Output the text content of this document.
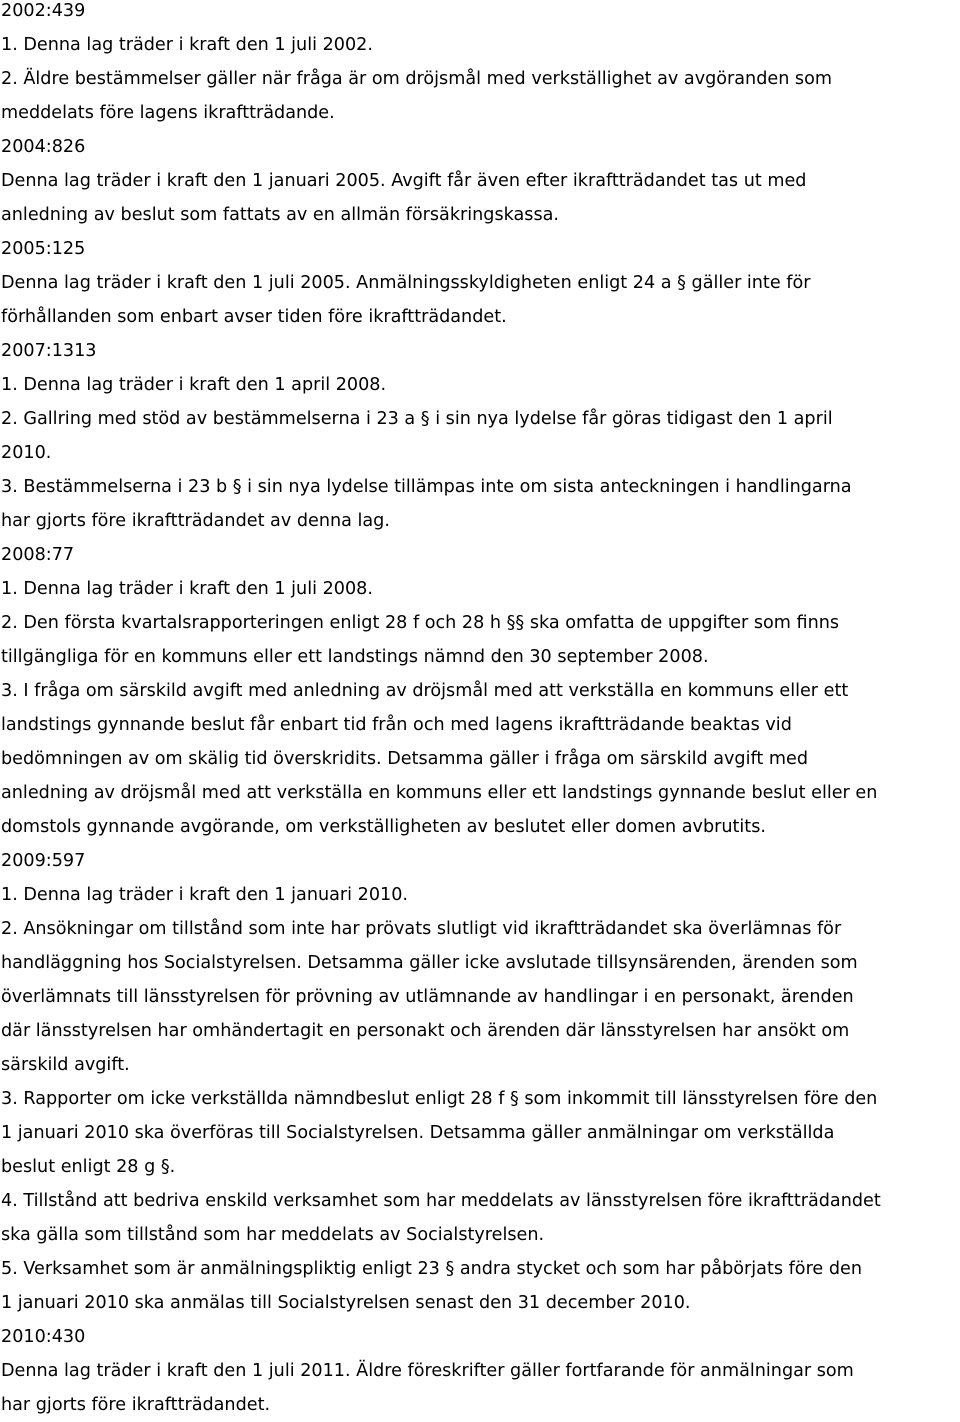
2002:439
1. Denna lag träder i kraft den 1 juli 2002.
2. Äldre bestämmelser gäller när fråga är om dröjsmål med verkställighet av avgöranden som
meddelats före lagens ikraftträdande.
2004:826
Denna lag träder i kraft den 1 januari 2005. Avgift får även efter ikraftträdandet tas ut med
anledning av beslut som fattats av en allmän försäkringskassa.
2005:125
Denna lag träder i kraft den 1 juli 2005. Anmälningsskyldigheten enligt 24 a § gäller inte för
förhållanden som enbart avser tiden före ikraftträdandet.
2007:1313
1. Denna lag träder i kraft den 1 april 2008.
2. Gallring med stöd av bestämmelserna i 23 a § i sin nya lydelse får göras tidigast den 1 april
2010.
3. Bestämmelserna i 23 b § i sin nya lydelse tillämpas inte om sista anteckningen i handlingarna
har gjorts före ikraftträdandet av denna lag.
2008:77
1. Denna lag träder i kraft den 1 juli 2008.
2. Den första kvartalsrapporteringen enligt 28 f och 28 h §§ ska omfatta de uppgifter som finns
tillgängliga för en kommuns eller ett landstings nämnd den 30 september 2008.
3. I fråga om särskild avgift med anledning av dröjsmål med att verkställa en kommuns eller ett
landstings gynnande beslut får enbart tid från och med lagens ikraftträdande beaktas vid
bedömningen av om skälig tid överskridits. Detsamma gäller i fråga om särskild avgift med
anledning av dröjsmål med att verkställa en kommuns eller ett landstings gynnande beslut eller en
domstols gynnande avgörande, om verkställigheten av beslutet eller domen avbrutits.
2009:597
1. Denna lag träder i kraft den 1 januari 2010.
2. Ansökningar om tillstånd som inte har prövats slutligt vid ikraftträdandet ska överlämnas för
handläggning hos Socialstyrelsen. Detsamma gäller icke avslutade tillsynsärenden, ärenden som
överlämnats till länsstyrelsen för prövning av utlämnande av handlingar i en personakt, ärenden
där länsstyrelsen har omhändertagit en personakt och ärenden där länsstyrelsen har ansökt om
särskild avgift.
3. Rapporter om icke verkställda nämndbeslut enligt 28 f § som inkommit till länsstyrelsen före den
1 januari 2010 ska överföras till Socialstyrelsen. Detsamma gäller anmälningar om verkställda
beslut enligt 28 g §.
4. Tillstånd att bedriva enskild verksamhet som har meddelats av länsstyrelsen före ikraftträdandet
ska gälla som tillstånd som har meddelats av Socialstyrelsen.
5. Verksamhet som är anmälningspliktig enligt 23 § andra stycket och som har påbörjats före den
1 januari 2010 ska anmälas till Socialstyrelsen senast den 31 december 2010.
2010:430
Denna lag träder i kraft den 1 juli 2011. Äldre föreskrifter gäller fortfarande för anmälningar som
har gjorts före ikraftträdandet.
